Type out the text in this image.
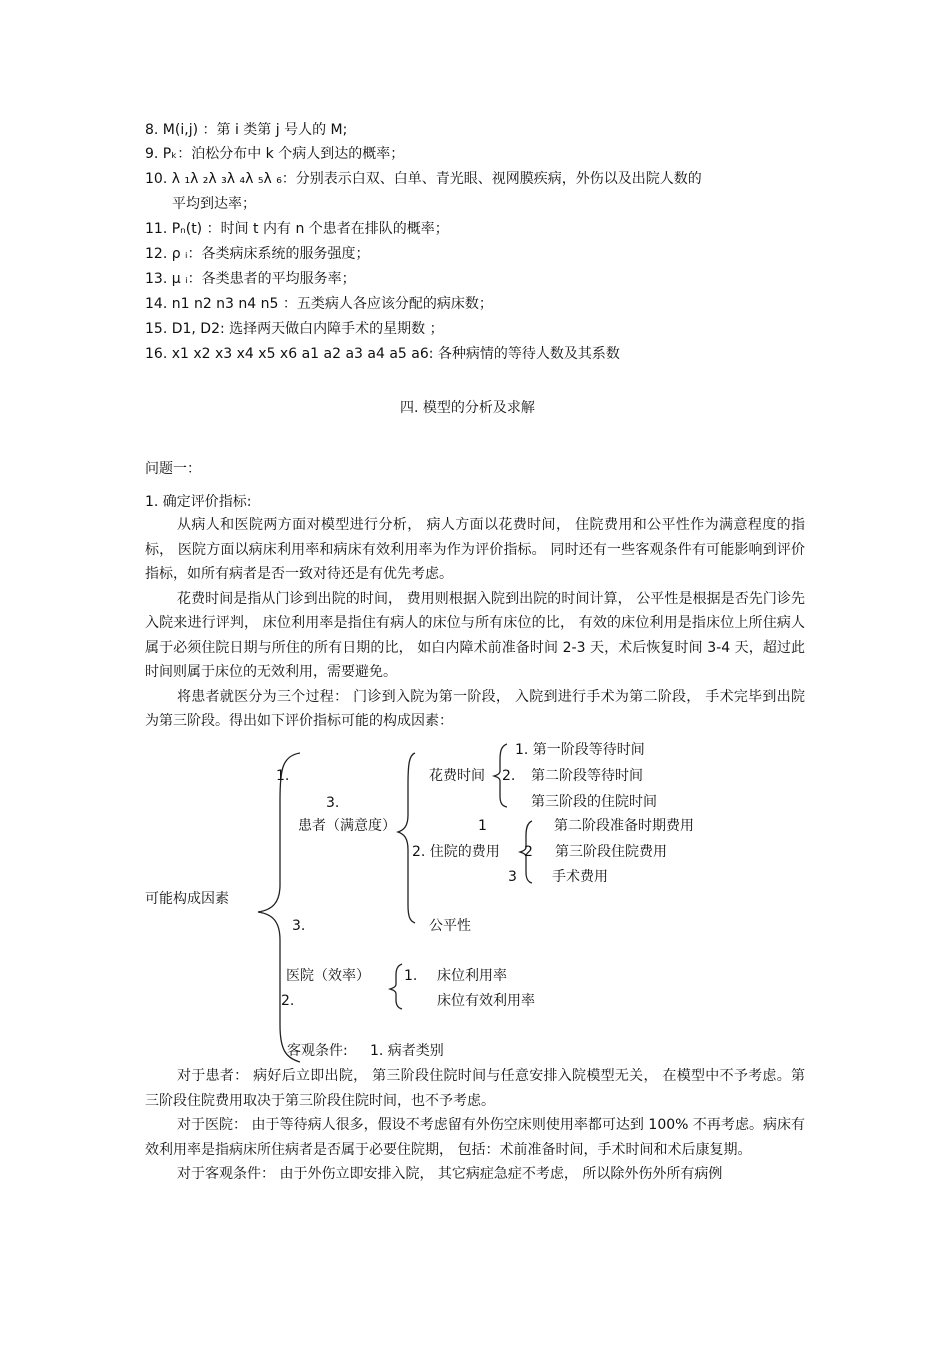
8. M(i,j) ：第 i 类第 j 号人的 M;
9. Pₖ：泊松分布中 k 个病人到达的概率；
10. λ ₁λ ₂λ ₃λ ₄λ ₅λ ₆：分别表示白双、白单、青光眼、视网膜疾病，外伤以及出院人数的
平均到达率；
11. Pₙ(t) ：时间 t 内有 n 个患者在排队的概率；
12. ρ ᵢ：各类病床系统的服务强度；
13. μ ᵢ：各类患者的平均服务率；
14. n1 n2 n3 n4 n5 ：五类病人各应该分配的病床数；
15. D1, D2: 选择两天做白内障手术的星期数 ；
16. x1 x2 x3 x4 x5 x6 a1 a2 a3 a4 a5 a6: 各种病情的等待人数及其系数
四. 模型的分析及求解
问题一：
1. 确定评价指标:

从病人和医院两方面对模型进行分析， 病人方面以花费时间， 住院费用和公平性作为满意程度的指标， 医院方面以病床利用率和病床有效利用率为作为评价指标。 同时还有一些客观条件有可能影响到评价指标，如所有病者是否一致对待还是有优先考虑。

花费时间是指从门诊到出院的时间， 费用则根据入院到出院的时间计算， 公平性是根据是否先门诊先入院来进行评判， 床位利用率是指住有病人的床位与所有床位的比， 有效的床位利用是指床位上所住病人属于必须住院日期与所住的所有日期的比， 如白内障术前准备时间 2-3 天，术后恢复时间 3-4 天，超过此时间则属于床位的无效利用，需要避免。

将患者就医分为三个过程： 门诊到入院为第一阶段， 入院到进行手术为第二阶段， 手术完毕到出院为第三阶段。得出如下评价指标可能的构成因素：

可能构成因素
1.
3.
患者（满意度）
花费时间
1. 第一阶段等待时间
2. 第二阶段等待时间
第三阶段的住院时间
1	第二阶段准备时期费用
2. 住院的费用 2 第三阶段住院费用
3	手术费用
3.	公平性
医院（效率）
2.
1. 床位利用率
床位有效利用率
客观条件: 1. 病者类别

对于患者： 病好后立即出院， 第三阶段住院时间与任意安排入院模型无关， 在模型中不予考虑。第三阶段住院费用取决于第三阶段住院时间，也不予考虑。

对于医院： 由于等待病人很多，假设不考虑留有外伤空床则使用率都可达到 100% 不再考虑。病床有效利用率是指病床所住病者是否属于必要住院期， 包括：术前准备时间，手术时间和术后康复期。

对于客观条件： 由于外伤立即安排入院， 其它病症急症不考虑， 所以除外伤外所有病例
